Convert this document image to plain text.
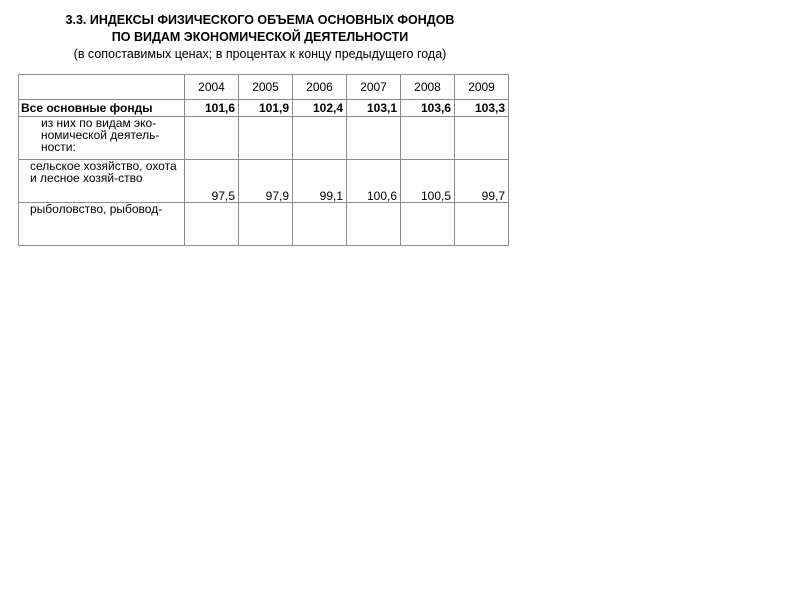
3.3. ИНДЕКСЫ ФИЗИЧЕСКОГО ОБЪЕМА ОСНОВНЫХ ФОНДОВ
ПО ВИДАМ ЭКОНОМИЧЕСКОЙ ДЕЯТЕЛЬНОСТИ
(в сопоставимых ценах; в процентах к концу предыдущего года)
	2004	2005	2006	2007	2008	2009
Все основные фонды	101,6	101,9	102,4	103,1	103,6	103,3
из них по видам эко-номической деятель-ности:						
сельское хозяйство, охота и лесное хозяй-ство	97,5	97,9	99,1	100,6	100,5	99,7
рыболовство, рыбовод-						
